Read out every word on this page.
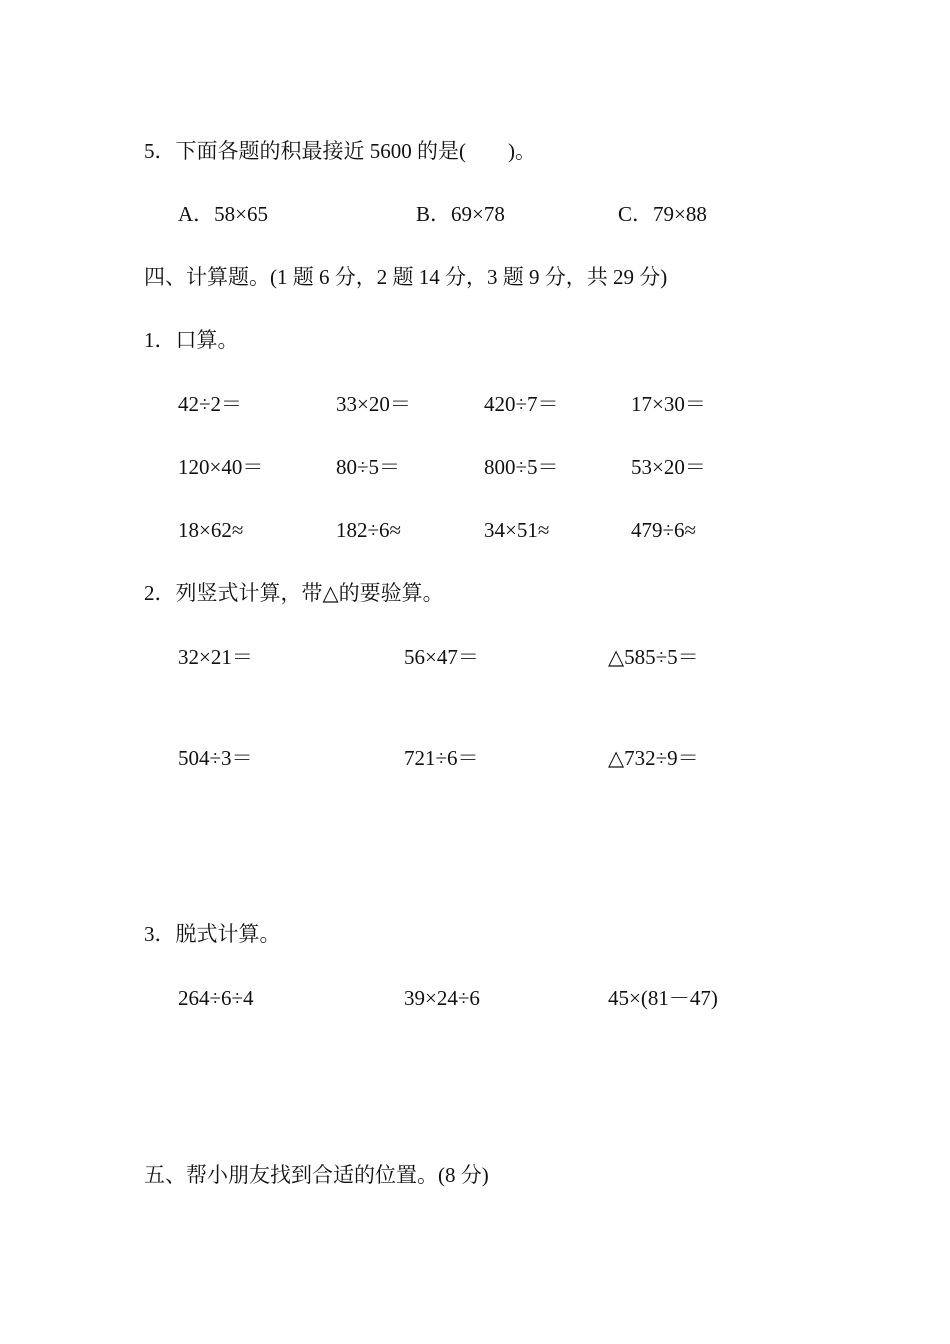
5．下面各题的积最接近 5600 的是(　　)。
A．58×65	B．69×78	C．79×88
四、计算题。(1 题 6 分，2 题 14 分，3 题 9 分，共 29 分)
1．口算。
42÷2＝	33×20＝	420÷7＝	17×30＝
120×40＝	80÷5＝	800÷5＝	53×20＝
18×62≈	182÷6≈	34×51≈	479÷6≈
2．列竖式计算，带△的要验算。
32×21＝	56×47＝	△585÷5＝
504÷3＝	721÷6＝	△732÷9＝
3．脱式计算。
264÷6÷4	39×24÷6	45×(81－47)
五、帮小朋友找到合适的位置。(8 分)
